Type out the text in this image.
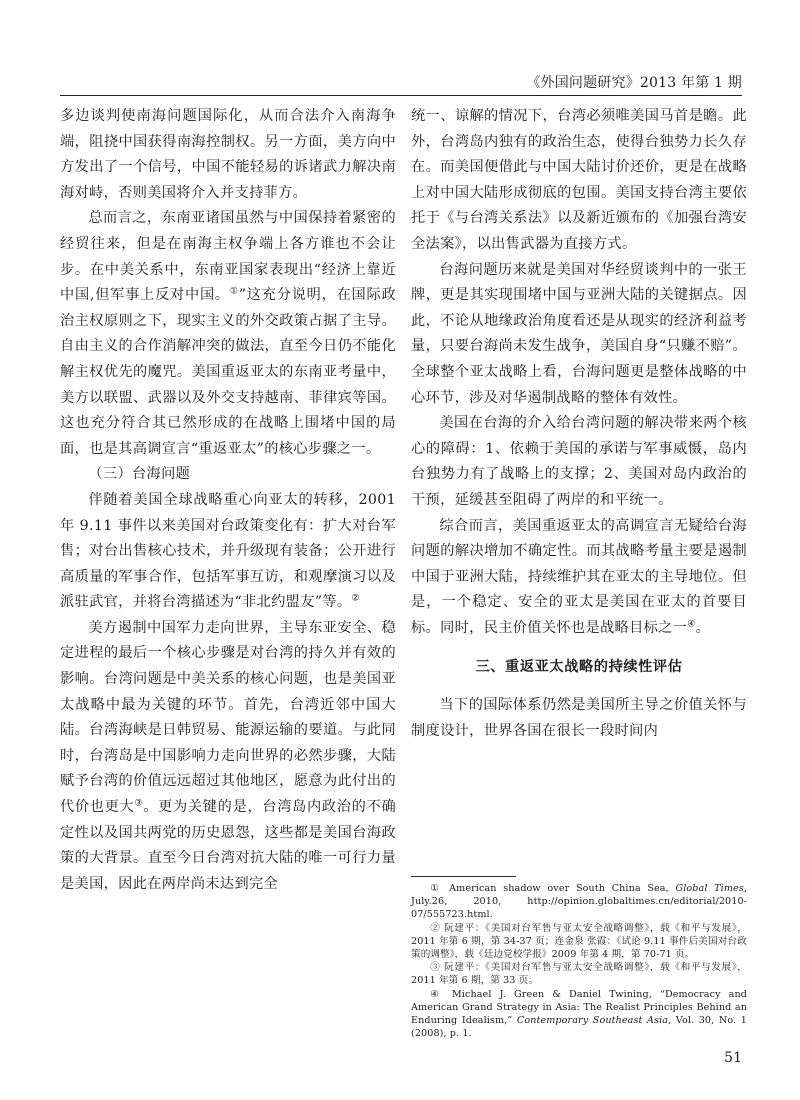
《外国问题研究》2013 年第 1 期

多边谈判使南海问题国际化，从而合法介入南海争端，阻挠中国获得南海控制权。另一方面，美方向中方发出了一个信号，中国不能轻易的诉诸武力解决南海对峙，否则美国将介入并支持菲方。

总而言之，东南亚诸国虽然与中国保持着紧密的经贸往来，但是在南海主权争端上各方谁也不会让步。在中美关系中，东南亚国家表现出“经济上靠近中国,但军事上反对中国。①”这充分说明，在国际政治主权原则之下，现实主义的外交政策占据了主导。自由主义的合作消解冲突的做法，直至今日仍不能化解主权优先的魔咒。美国重返亚太的东南亚考量中，美方以联盟、武器以及外交支持越南、菲律宾等国。这也充分符合其已然形成的在战略上围堵中国的局面，也是其高调宣言“重返亚太”的核心步骤之一。

（三）台海问题

伴随着美国全球战略重心向亚太的转移，2001 年 9.11 事件以来美国对台政策变化有：扩大对台军售；对台出售核心技术，并升级现有装备；公开进行高质量的军事合作，包括军事互访，和观摩演习以及派驻武官，并将台湾描述为“非北约盟友”等。②

美方遏制中国军力走向世界，主导东亚安全、稳定进程的最后一个核心步骤是对台湾的持久并有效的影响。台湾问题是中美关系的核心问题，也是美国亚太战略中最为关键的环节。首先，台湾近邻中国大陆。台湾海峡是日韩贸易、能源运输的要道。与此同时，台湾岛是中国影响力走向世界的必然步骤，大陆赋予台湾的价值远远超过其他地区，愿意为此付出的代价也更大③。更为关键的是，台湾岛内政治的不确定性以及国共两党的历史恩怨，这些都是美国台海政策的大背景。直至今日台湾对抗大陆的唯一可行力量是美国，因此在两岸尚未达到完全

统一、谅解的情况下，台湾必须唯美国马首是瞻。此外，台湾岛内独有的政治生态，使得台独势力长久存在。而美国便借此与中国大陆讨价还价，更是在战略上对中国大陆形成彻底的包围。美国支持台湾主要依托于《与台湾关系法》以及新近颁布的《加强台湾安全法案》，以出售武器为直接方式。

台海问题历来就是美国对华经贸谈判中的一张王牌，更是其实现围堵中国与亚洲大陆的关键据点。因此，不论从地缘政治角度看还是从现实的经济利益考量，只要台海尚未发生战争，美国自身“只赚不赔”。全球整个亚太战略上看，台海问题更是整体战略的中心环节，涉及对华遏制战略的整体有效性。

美国在台海的介入给台湾问题的解决带来两个核心的障碍：1、依赖于美国的承诺与军事威慑，岛内台独势力有了战略上的支撑；2、美国对岛内政治的干预，延缓甚至阻碍了两岸的和平统一。

综合而言，美国重返亚太的高调宣言无疑给台海问题的解决增加不确定性。而其战略考量主要是遏制中国于亚洲大陆，持续维护其在亚太的主导地位。但是，一个稳定、安全的亚太是美国在亚太的首要目标。同时，民主价值关怀也是战略目标之一④。

三、重返亚太战略的持续性评估

当下的国际体系仍然是美国所主导之价值关怀与制度设计，世界各国在很长一段时间内

① American shadow over South China Sea, Global Times, July.26, 2010, http://opinion.globaltimes.cn/editorial/2010-07/555723.html.

② 阮建平：《美国对台军售与亚太安全战略调整》，载《和平与发展》，2011 年第 6 期，第 34-37 页；连金泉 张霞：《试论 9.11 事件后美国对台政策的调整》，载《廷边党校学报》2009 年第 4 期，第 70-71 页。

③ 阮建平：《美国对台军售与亚太安全战略调整》，载《和平与发展》，2011 年第 6 期，第 33 页。

④ Michael J. Green & Daniel Twining, “Democracy and American Grand Strategy in Asia: The Realist Principles Behind an Enduring Idealism,” Contemporary Southeast Asia, Vol. 30, No. 1 (2008), p. 1.

51
